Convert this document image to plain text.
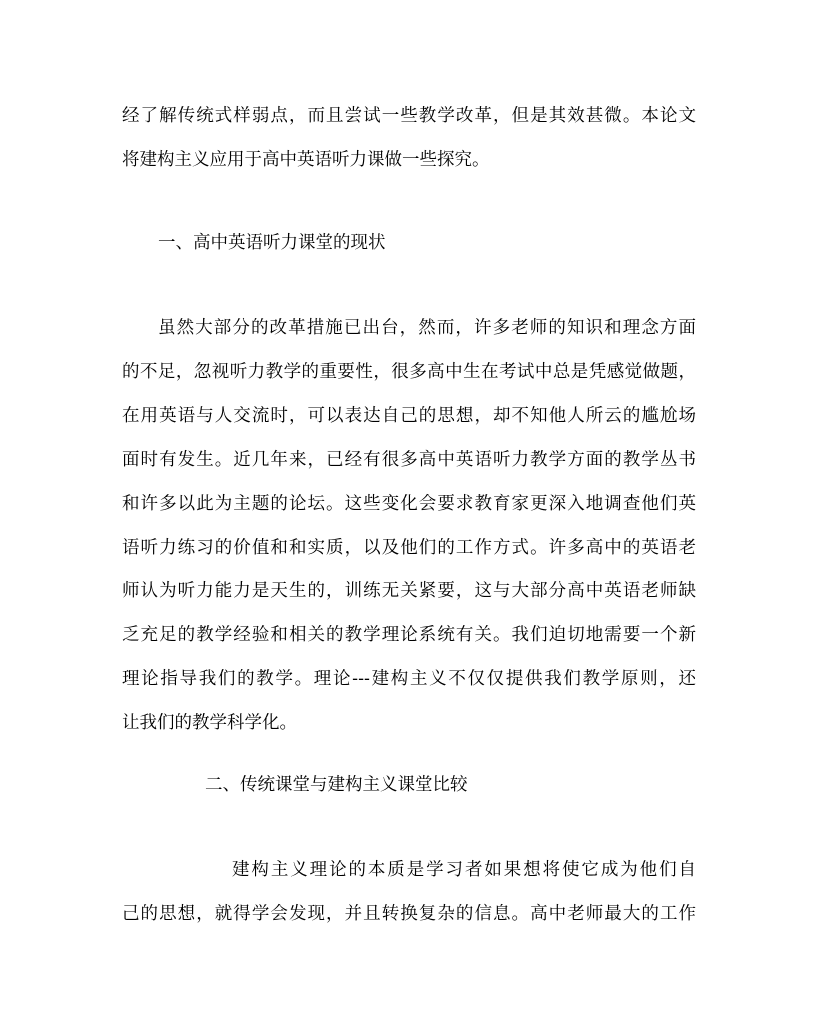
经了解传统式样弱点，而且尝试一些教学改革，但是其效甚微。本论文
将建构主义应用于高中英语听力课做一些探究。
一、高中英语听力课堂的现状
虽然大部分的改革措施已出台，然而，许多老师的知识和理念方面
的不足，忽视听力教学的重要性，很多高中生在考试中总是凭感觉做题，
在用英语与人交流时，可以表达自己的思想，却不知他人所云的尴尬场
面时有发生。近几年来，已经有很多高中英语听力教学方面的教学丛书
和许多以此为主题的论坛。这些变化会要求教育家更深入地调查他们英
语听力练习的价值和和实质，以及他们的工作方式。许多高中的英语老
师认为听力能力是天生的，训练无关紧要，这与大部分高中英语老师缺
乏充足的教学经验和相关的教学理论系统有关。我们迫切地需要一个新
理论指导我们的教学。理论---建构主义不仅仅提供我们教学原则，还
让我们的教学科学化。
二、传统课堂与建构主义课堂比较
建构主义理论的本质是学习者如果想将使它成为他们自
己的思想，就得学会发现，并且转换复杂的信息。高中老师最大的工作
